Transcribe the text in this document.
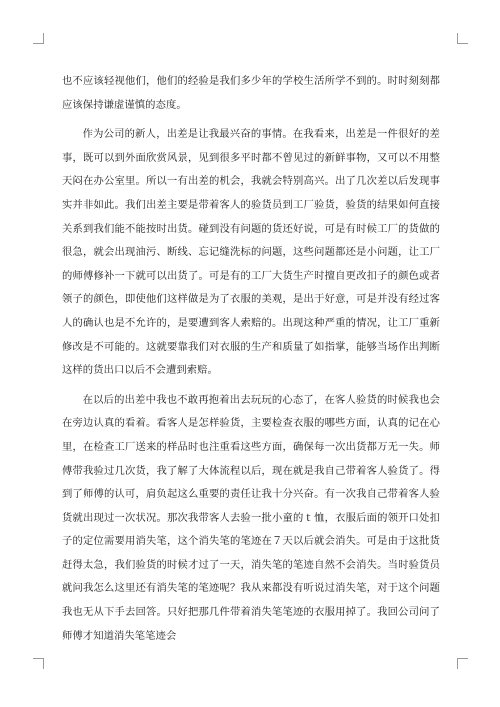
也不应该轻视他们，他们的经验是我们多少年的学校生活所学不到的。时时刻刻都应该保持谦虚谨慎的态度。

作为公司的新人，出差是让我最兴奋的事情。在我看来，出差是一件很好的差事，既可以到外面欣赏风景，见到很多平时都不曾见过的新鲜事物，又可以不用整天闷在办公室里。所以一有出差的机会，我就会特别高兴。出了几次差以后发现事实并非如此。我们出差主要是带着客人的验货员到工厂验货，验货的结果如何直接关系到我们能不能按时出货。碰到没有问题的货还好说，可是有时候工厂的货做的很急，就会出现油污、断线、忘记缝洗标的问题，这些问题都还是小问题，让工厂的师傅修补一下就可以出货了。可是有的工厂大货生产时擅自更改扣子的颜色或者领子的颜色，即使他们这样做是为了衣服的美观，是出于好意，可是并没有经过客人的确认也是不允许的，是要遭到客人索赔的。出现这种严重的情况，让工厂重新修改是不可能的。这就要靠我们对衣服的生产和质量了如指掌，能够当场作出判断这样的货出口以后不会遭到索赔。

在以后的出差中我也不敢再抱着出去玩玩的心态了，在客人验货的时候我也会在旁边认真的看着。看客人是怎样验货，主要检查衣服的哪些方面，认真的记在心里，在检查工厂送来的样品时也注重看这些方面，确保每一次出货都万无一失。师傅带我验过几次货，我了解了大体流程以后，现在就是我自己带着客人验货了。得到了师傅的认可，肩负起这么重要的责任让我十分兴奋。有一次我自己带着客人验货就出现过一次状况。那次我带客人去验一批小童的ｔ恤，衣服后面的领开口处扣子的定位需要用消失笔，这个消失笔的笔迹在７天以后就会消失。可是由于这批货赶得太急，我们验货的时候才过了一天，消失笔的笔迹自然不会消失。当时验货员就问我怎么这里还有消失笔的笔迹呢？我从来都没有听说过消失笔，对于这个问题我也无从下手去回答。只好把那几件带着消失笔笔迹的衣服用掉了。我回公司问了师傅才知道消失笔笔迹会
